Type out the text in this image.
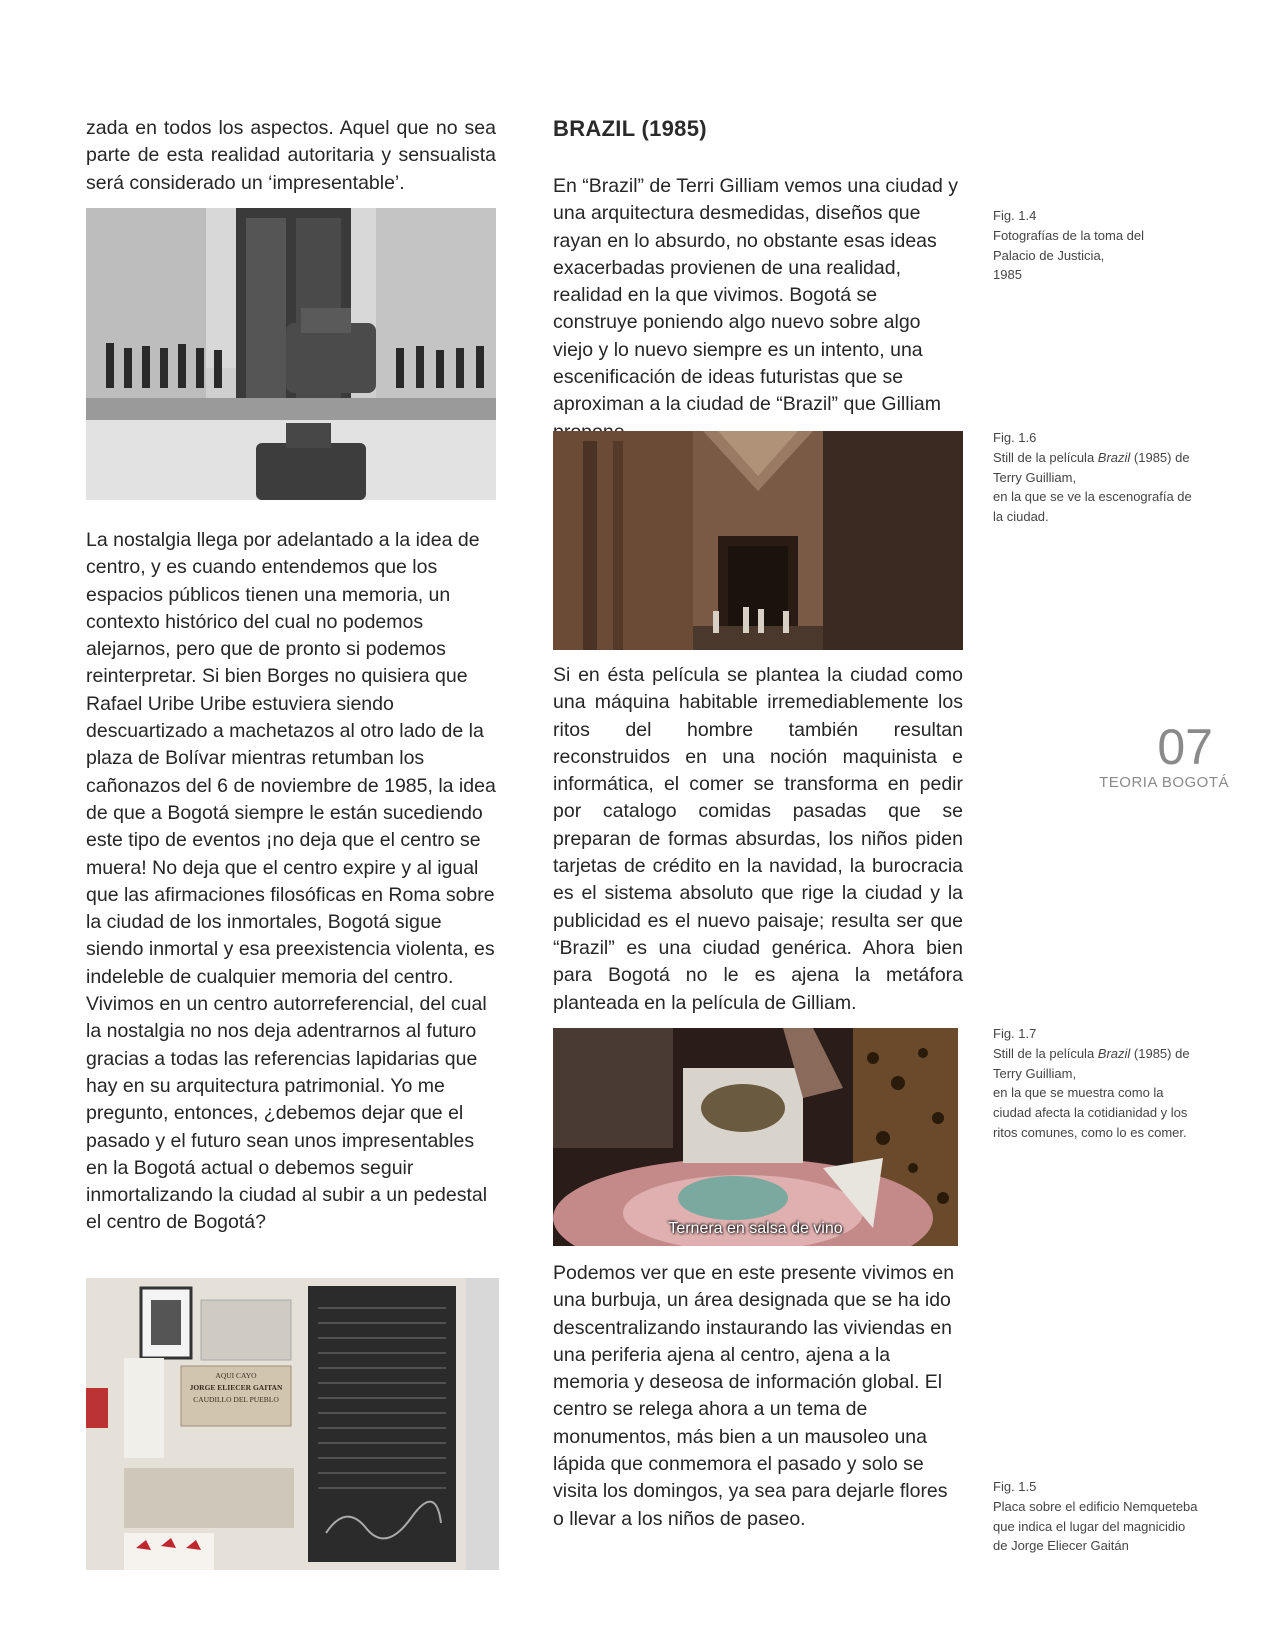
zada en todos los aspectos. Aquel que no sea parte de esta realidad autoritaria y sensualista será considerado un ‘impresentable’.

La nostalgia llega por adelantado a la idea de centro, y es cuando entendemos que los espacios públicos tienen una memoria, un contexto histórico del cual no podemos alejarnos, pero que de pronto si podemos reinterpretar. Si bien Borges no quisiera que Rafael Uribe Uribe estuviera siendo descuartizado a machetazos al otro lado de la plaza de Bolívar mientras retumban los cañonazos del 6 de noviembre de 1985, la idea de que a Bogotá siempre le están sucediendo este tipo de eventos ¡no deja que el centro se muera! No deja que el centro expire y al igual que las afirmaciones filosóficas en Roma sobre la ciudad de los inmortales, Bogotá sigue siendo inmortal y esa preexistencia violenta, es indeleble de cualquier memoria del centro. Vivimos en un centro autorreferencial, del cual la nostalgia no nos deja adentrarnos al futuro gracias a todas las referencias lapidarias que hay en su arquitectura patrimonial. Yo me pregunto, entonces, ¿debemos dejar que el pasado y el futuro sean unos impresentables en la Bogotá actual o debemos seguir inmortalizando la ciudad al subir a un pedestal el centro de Bogotá?

AQUI CAYO
JORGE ELIECER GAITAN
CAUDILLO DEL PUEBLO
BRAZIL (1985)

En “Brazil” de Terri Gilliam vemos una ciudad y una arquitectura desmedidas, diseños que rayan en lo absurdo, no obstante esas ideas exacerbadas provienen de una realidad, realidad en la que vivimos. Bogotá se construye poniendo algo nuevo sobre algo viejo y lo nuevo siempre es un intento, una escenificación de ideas futuristas que se aproximan a la ciudad de “Brazil” que Gilliam

Si en ésta película se plantea la ciudad como una máquina habitable irremediablemente los ritos del hombre también resultan reconstruidos en una noción maquinista e informática, el comer se transforma en pedir por catalogo comidas pasadas que se preparan de formas absurdas, los niños piden tarjetas de crédito en la navidad, la burocracia es el sistema absoluto que rige la ciudad y la publicidad es el nuevo paisaje; resulta ser que “Brazil” es una ciudad genérica. Ahora bien para Bogotá no le es ajena la metáfora planteada en la película de Gilliam.

Ternera en salsa de vino

Podemos ver que en este presente vivimos en una burbuja, un área designada que se ha ido descentralizando instaurando las viviendas en una periferia ajena al centro, ajena a la memoria y deseosa de información global. El centro se relega ahora a un tema de monumentos, más bien a un mausoleo una lápida que conmemora el pasado y solo se visita los domingos, ya sea para dejarle flores o llevar a los niños de paseo.

Fig. 1.4
Fotografías de la toma del
Palacio de Justicia,
1985
Fig. 1.6
Still de la película Brazil (1985) de
Terry Guilliam,
en la que se ve la escenografía de
la ciudad.
Fig. 1.7
Still de la película Brazil (1985) de
Terry Guilliam,
en la que se muestra como la
ciudad afecta la cotidianidad y los
ritos comunes, como lo es comer.
Fig. 1.5
Placa sobre el edificio Nemqueteba
que indica el lugar del magnicidio
de Jorge Eliecer Gaitán
07
TEORIA BOGOTÁ
